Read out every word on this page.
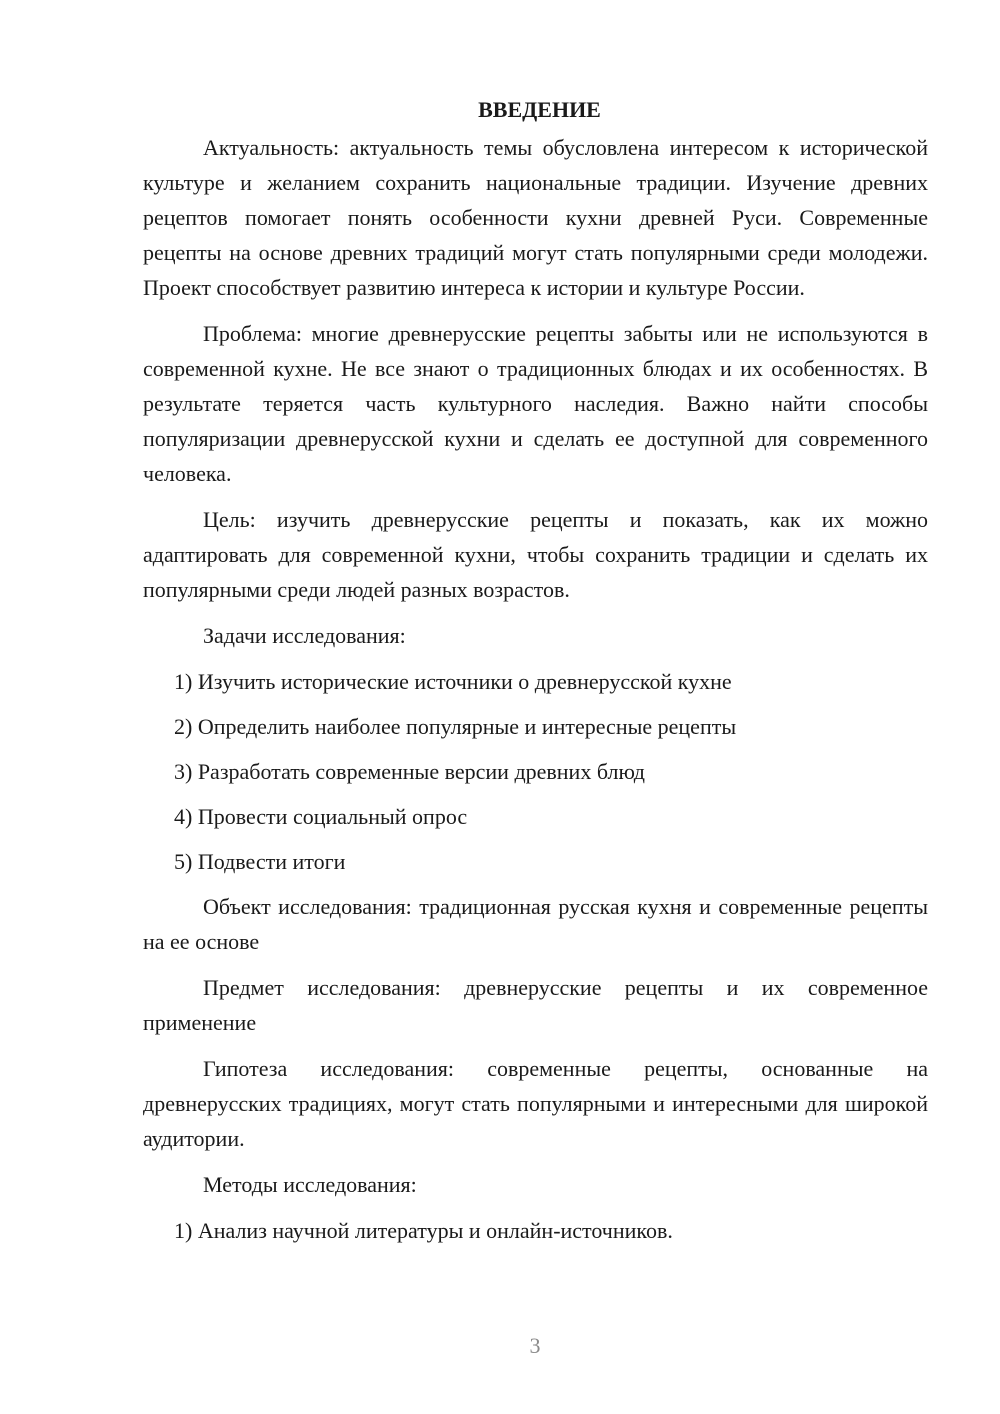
ВВЕДЕНИЕ

Актуальность: актуальность темы обусловлена интересом к исторической культуре и желанием сохранить национальные традиции. Изучение древних рецептов помогает понять особенности кухни древней Руси. Современные рецепты на основе древних традиций могут стать популярными среди молодежи. Проект способствует развитию интереса к истории и культуре России.

Проблема: многие древнерусские рецепты забыты или не используются в современной кухне. Не все знают о традиционных блюдах и их особенностях. В результате теряется часть культурного наследия. Важно найти способы популяризации древнерусской кухни и сделать ее доступной для современного человека.

Цель: изучить древнерусские рецепты и показать, как их можно адаптировать для современной кухни, чтобы сохранить традиции и сделать их популярными среди людей разных возрастов.

Задачи исследования:

1) Изучить исторические источники о древнерусской кухне
2) Определить наиболее популярные и интересные рецепты
3) Разработать современные версии древних блюд
4) Провести социальный опрос
5) Подвести итоги

Объект исследования: традиционная русская кухня и современные рецепты на ее основе

Предмет исследования: древнерусские рецепты и их современное применение

Гипотеза исследования: современные рецепты, основанные на древнерусских традициях, могут стать популярными и интересными для широкой аудитории.

Методы исследования:

1) Анализ научной литературы и онлайн-источников.
3
